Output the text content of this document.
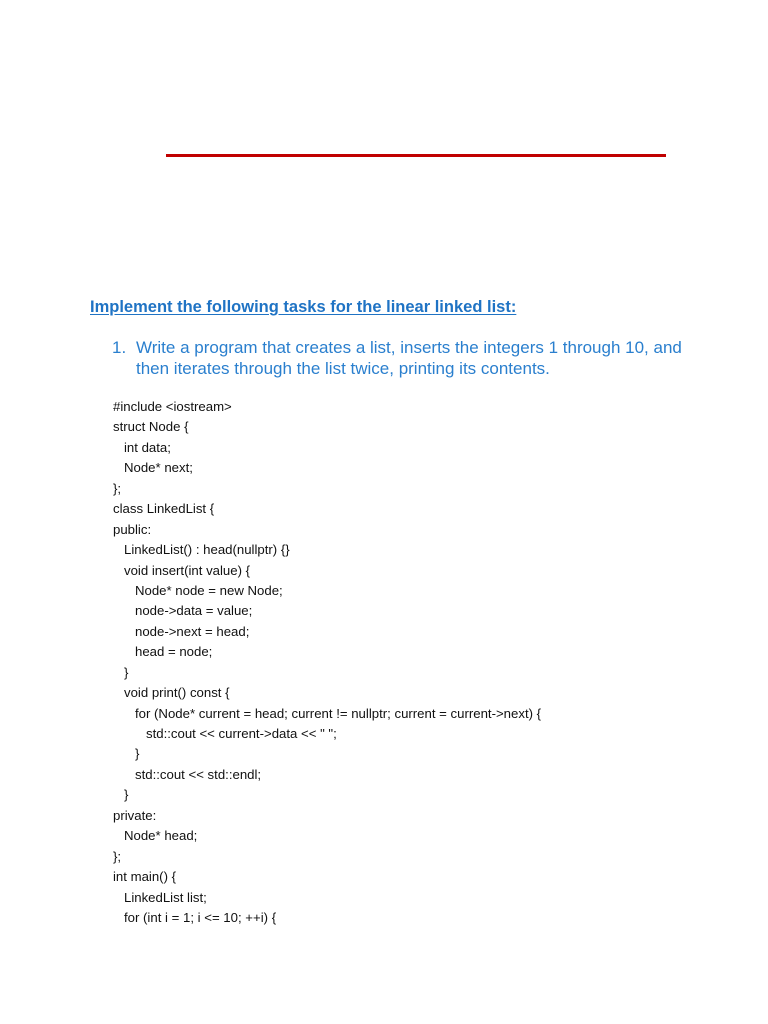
Implement the following tasks for the linear linked list:
1. Write a program that creates a list, inserts the integers 1 through 10, and then iterates through the list twice, printing its contents.
#include <iostream>
struct Node {
int data;
Node* next;
};
class LinkedList {
public:
LinkedList() : head(nullptr) {}
void insert(int value) {
Node* node = new Node;
node->data = value;
node->next = head;
head = node;
}
void print() const {
for (Node* current = head; current != nullptr; current = current->next) {
std::cout << current->data << " ";
}
std::cout << std::endl;
}
private:
Node* head;
};
int main() {
LinkedList list;
for (int i = 1; i <= 10; ++i) {
